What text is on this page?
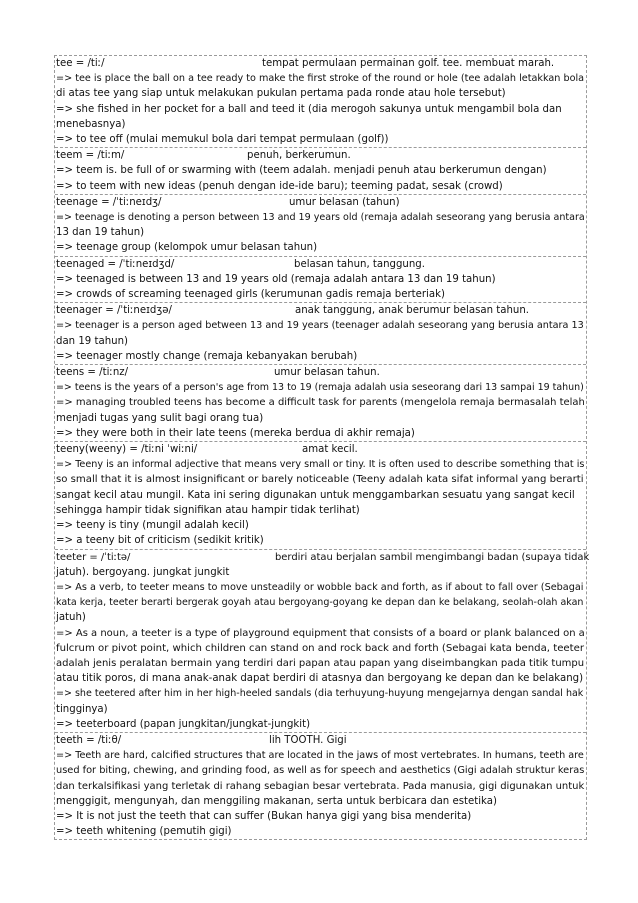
tee = /tiː/	tempat permulaan permainan golf. tee. membuat marah.
=> tee is place the ball on a tee ready to make the first stroke of the round or hole (tee adalah letakkan bola
di atas tee yang siap untuk melakukan pukulan pertama pada ronde atau hole tersebut)
=> she fished in her pocket for a ball and teed it (dia merogoh sakunya untuk mengambil bola dan
menebasnya)
=> to tee off (mulai memukul bola dari tempat permulaan (golf))
teem = /tiːm/	penuh, berkerumun.
=> teem is. be full of or swarming with (teem adalah. menjadi penuh atau berkerumun dengan)
=> to teem with new ideas (penuh dengan ide-ide baru); teeming padat, sesak (crowd)
teenage = /ˈtiːneɪdʒ/	umur belasan (tahun)
=> teenage is denoting a person between 13 and 19 years old (remaja adalah seseorang yang berusia antara
13 dan 19 tahun)
=> teenage group (kelompok umur belasan tahun)
teenaged = /ˈtiːneɪdʒd/	belasan tahun, tanggung.
=> teenaged is between 13 and 19 years old (remaja adalah antara 13 dan 19 tahun)
=> crowds of screaming teenaged girls (kerumunan gadis remaja berteriak)
teenager = /ˈtiːneɪdʒə/	anak tanggung, anak berumur belasan tahun.
=> teenager is a person aged between 13 and 19 years (teenager adalah seseorang yang berusia antara 13
dan 19 tahun)
=> teenager mostly change (remaja kebanyakan berubah)
teens = /tiːnz/	umur belasan tahun.
=> teens is the years of a person's age from 13 to 19 (remaja adalah usia seseorang dari 13 sampai 19 tahun)
=> managing troubled teens has become a difficult task for parents (mengelola remaja bermasalah telah
menjadi tugas yang sulit bagi orang tua)
=> they were both in their late teens (mereka berdua di akhir remaja)
teeny(weeny) = /tiːni ˈwiːni/	amat kecil.
=> Teeny is an informal adjective that means very small or tiny. It is often used to describe something that is
so small that it is almost insignificant or barely noticeable (Teeny adalah kata sifat informal yang berarti
sangat kecil atau mungil. Kata ini sering digunakan untuk menggambarkan sesuatu yang sangat kecil
sehingga hampir tidak signifikan atau hampir tidak terlihat)
=> teeny is tiny (mungil adalah kecil)
=> a teeny bit of criticism (sedikit kritik)
teeter = /ˈtiːtə/	berdiri atau berjalan sambil mengimbangi badan (supaya tidak
jatuh). bergoyang. jungkat jungkit
=> As a verb, to teeter means to move unsteadily or wobble back and forth, as if about to fall over (Sebagai
kata kerja, teeter berarti bergerak goyah atau bergoyang-goyang ke depan dan ke belakang, seolah-olah akan
jatuh)
=> As a noun, a teeter is a type of playground equipment that consists of a board or plank balanced on a
fulcrum or pivot point, which children can stand on and rock back and forth (Sebagai kata benda, teeter
adalah jenis peralatan bermain yang terdiri dari papan atau papan yang diseimbangkan pada titik tumpu
atau titik poros, di mana anak-anak dapat berdiri di atasnya dan bergoyang ke depan dan ke belakang)
=> she teetered after him in her high-heeled sandals (dia terhuyung-huyung mengejarnya dengan sandal hak
tingginya)
=> teeterboard (papan jungkitan/jungkat-jungkit)
teeth = /tiːθ/	lih TOOTH. Gigi
=> Teeth are hard, calcified structures that are located in the jaws of most vertebrates. In humans, teeth are
used for biting, chewing, and grinding food, as well as for speech and aesthetics (Gigi adalah struktur keras
dan terkalsifikasi yang terletak di rahang sebagian besar vertebrata. Pada manusia, gigi digunakan untuk
menggigit, mengunyah, dan menggiling makanan, serta untuk berbicara dan estetika)
=> It is not just the teeth that can suffer (Bukan hanya gigi yang bisa menderita)
=> teeth whitening (pemutih gigi)
